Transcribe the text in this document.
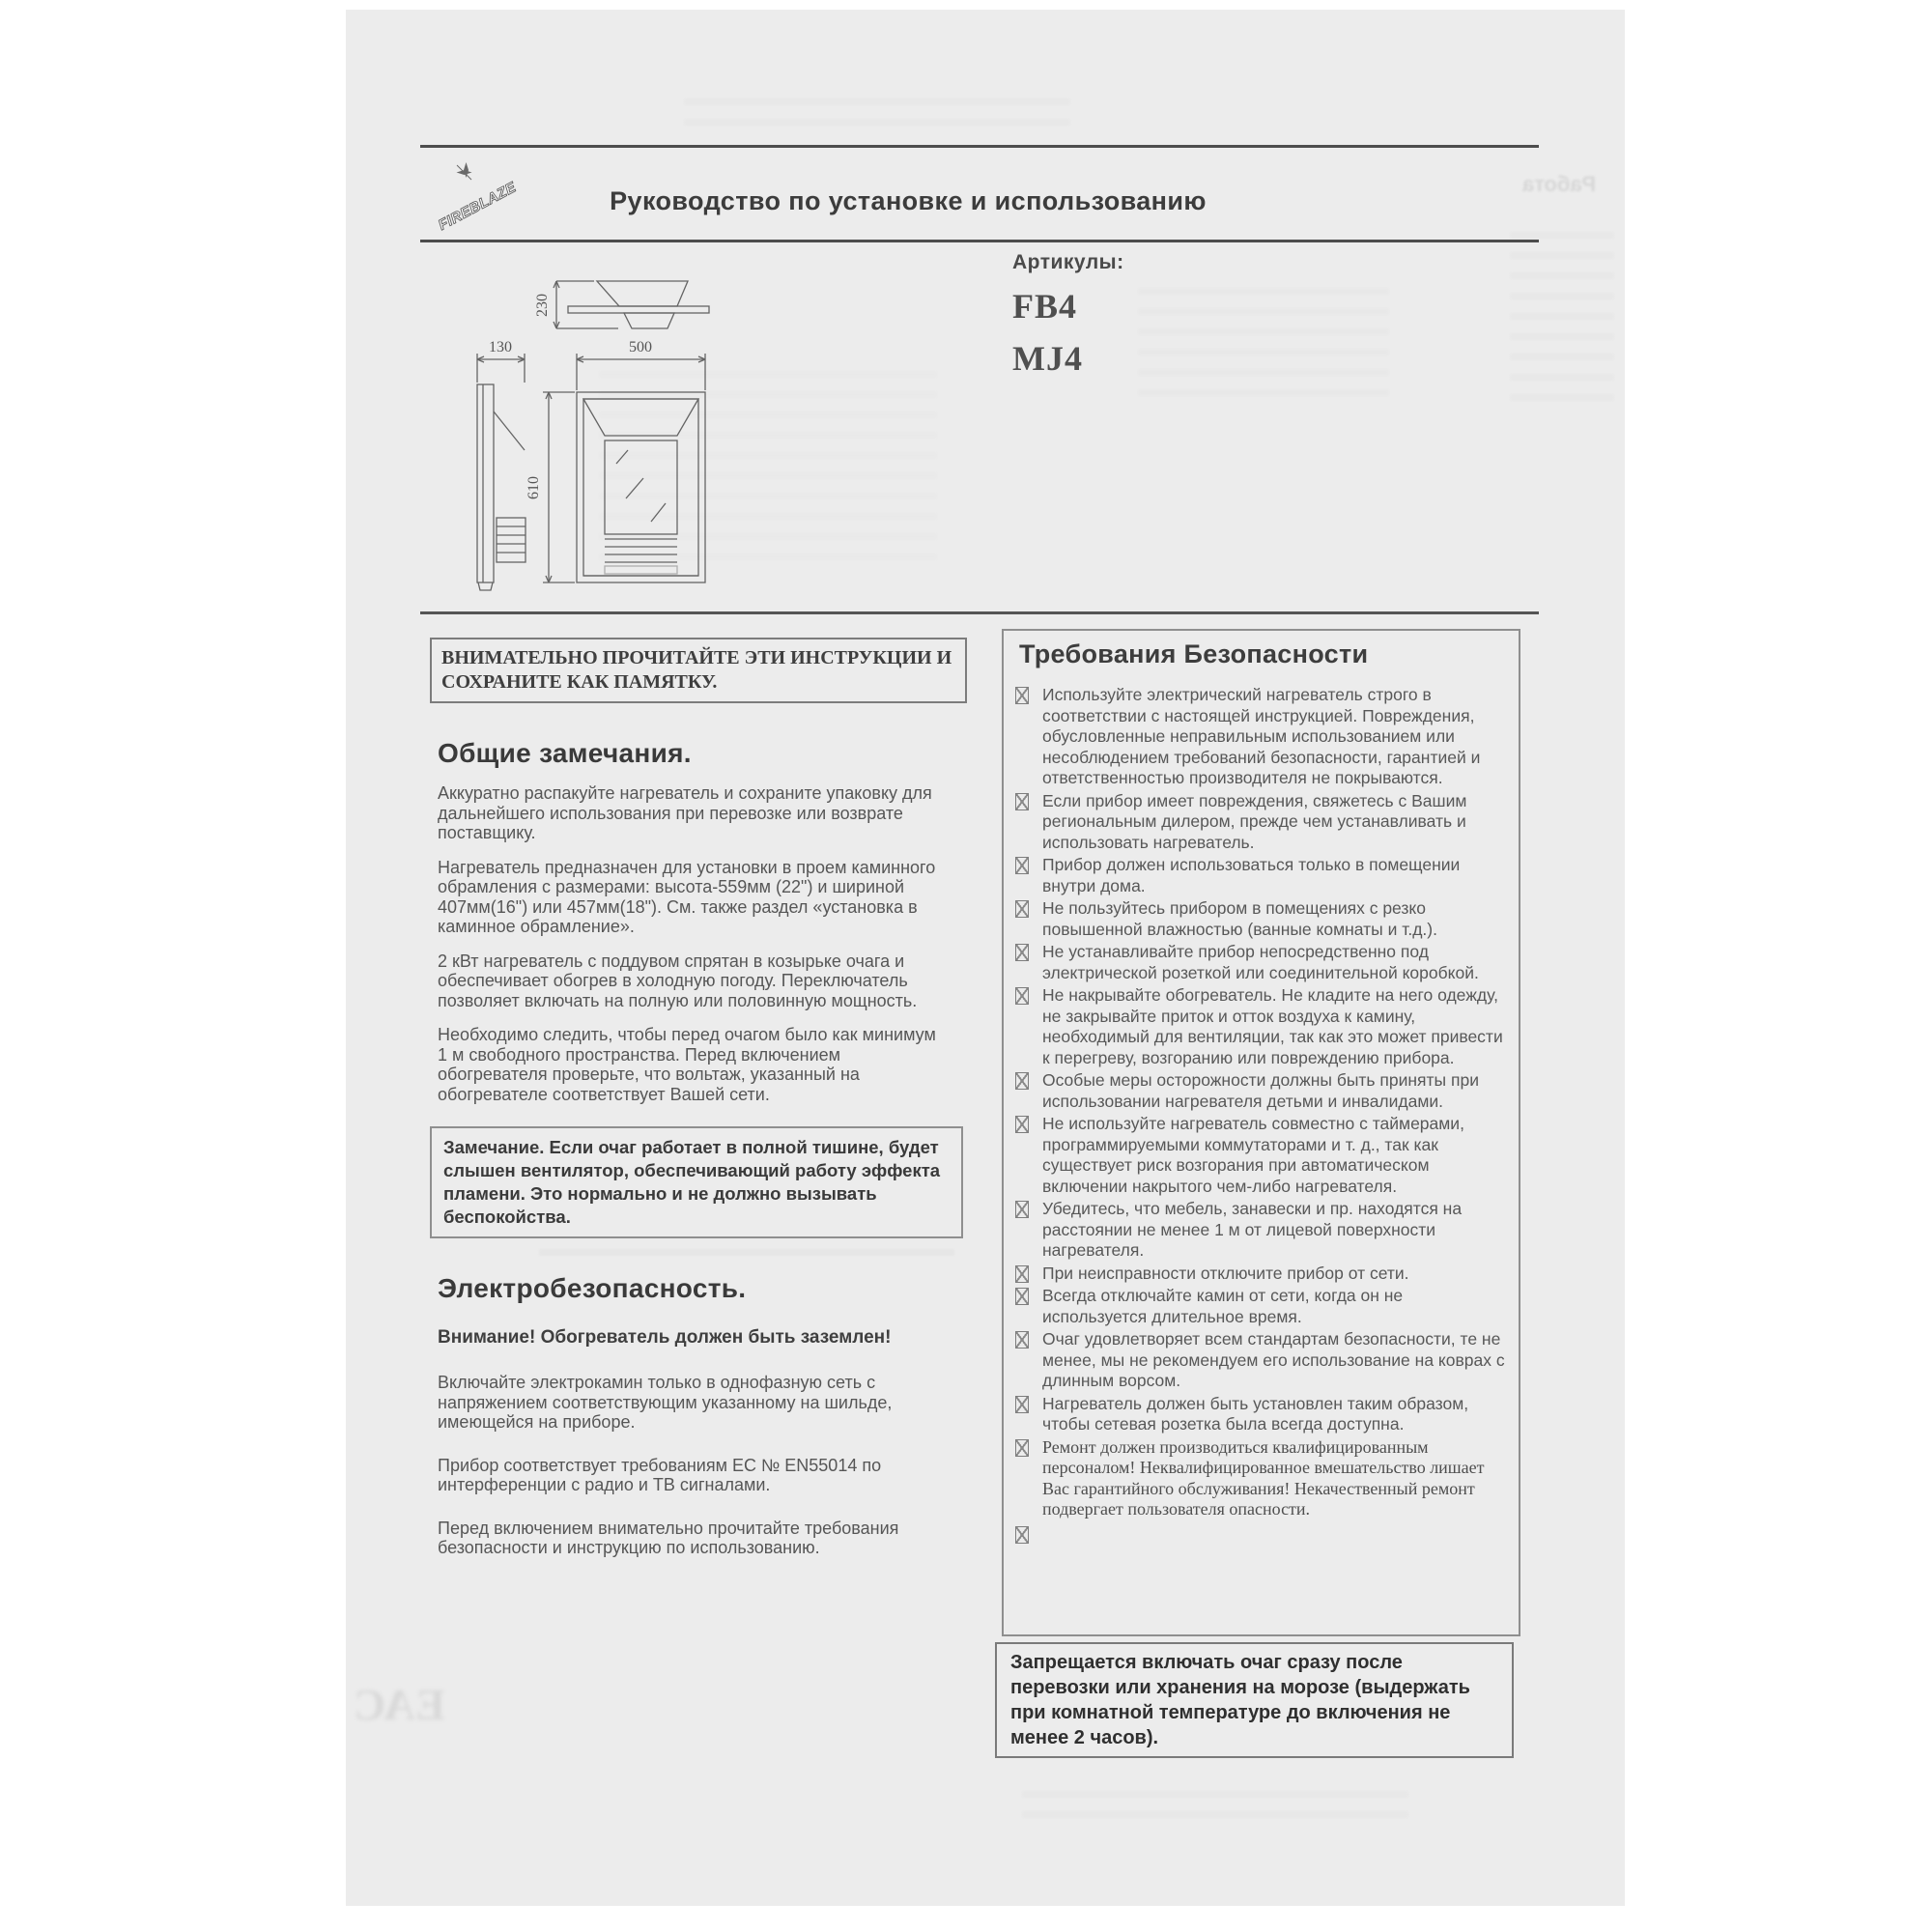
Работа
ЕАС
FIREBLAZE	Руководство по установке и использованию
Артикулы:
FB4
MJ4
230
130	500
610
ВНИМАТЕЛЬНО ПРОЧИТАЙТЕ ЭТИ ИНСТРУКЦИИ И СОХРАНИТЕ КАК ПАМЯТКУ.
Общие замечания.

Аккуратно распакуйте нагреватель и сохраните упаковку для дальнейшего использования при перевозке или возврате поставщику.

Нагреватель предназначен для установки в проем каминного обрамления с размерами: высота-559мм (22") и шириной 407мм(16") или 457мм(18"). См. также раздел «установка в каминное обрамление».

2 кВт нагреватель с поддувом спрятан в козырьке очага и обеспечивает обогрев в холодную погоду. Переключатель позволяет включать на полную или половинную мощность.

Необходимо следить, чтобы перед очагом было как минимум 1 м свободного пространства. Перед включением обогревателя проверьте, что вольтаж, указанный на обогревателе соответствует Вашей сети.

Замечание. Если очаг работает в полной тишине, будет слышен вентилятор, обеспечивающий работу эффекта пламени. Это нормально и не должно вызывать беспокойства.
Электробезопасность.
Внимание! Обогреватель должен быть заземлен!

Включайте электрокамин только в однофазную сеть с напряжением соответствующим указанному на шильде, имеющейся на приборе.

Прибор соответствует требованиям ЕС № EN55014 по интерференции с радио и ТВ сигналами.

Перед включением внимательно прочитайте требования безопасности и инструкцию по использованию.

Требования Безопасности
Используйте электрический нагреватель строго в соответствии с настоящей инструкцией. Повреждения, обусловленные неправильным использованием или несоблюдением требований безопасности, гарантией и ответственностью производителя не покрываются.
Если прибор имеет повреждения, свяжетесь с Вашим региональным дилером, прежде чем устанавливать и использовать нагреватель.
Прибор должен использоваться только в помещении внутри дома.
Не пользуйтесь прибором в помещениях с резко повышенной влажностью (ванные комнаты и т.д.).
Не устанавливайте прибор непосредственно под электрической розеткой или соединительной коробкой.
Не накрывайте обогреватель. Не кладите на него одежду, не закрывайте приток и отток воздуха к камину, необходимый для вентиляции, так как это может привести к перегреву, возгоранию или повреждению прибора.
Особые меры осторожности должны быть приняты при использовании нагревателя детьми и инвалидами.
Не используйте нагреватель совместно с таймерами, программируемыми коммутаторами и т. д., так как существует риск возгорания при автоматическом включении накрытого чем-либо нагревателя.
Убедитесь, что мебель, занавески и пр. находятся на расстоянии не менее 1 м от лицевой поверхности нагревателя.
При неисправности отключите прибор от сети.
Всегда отключайте камин от сети, когда он не используется длительное время.
Очаг удовлетворяет всем стандартам безопасности, те не менее, мы не рекомендуем его использование на коврах с длинным ворсом.
Нагреватель должен быть установлен таким образом, чтобы сетевая розетка была всегда доступна.
Ремонт должен производиться квалифицированным персоналом! Неквалифицированное вмешательство лишает Вас гарантийного обслуживания! Некачественный ремонт подвергает пользователя опасности.
Запрещается включать очаг сразу после перевозки или хранения на морозе (выдержать при комнатной температуре до включения не менее 2 часов).
